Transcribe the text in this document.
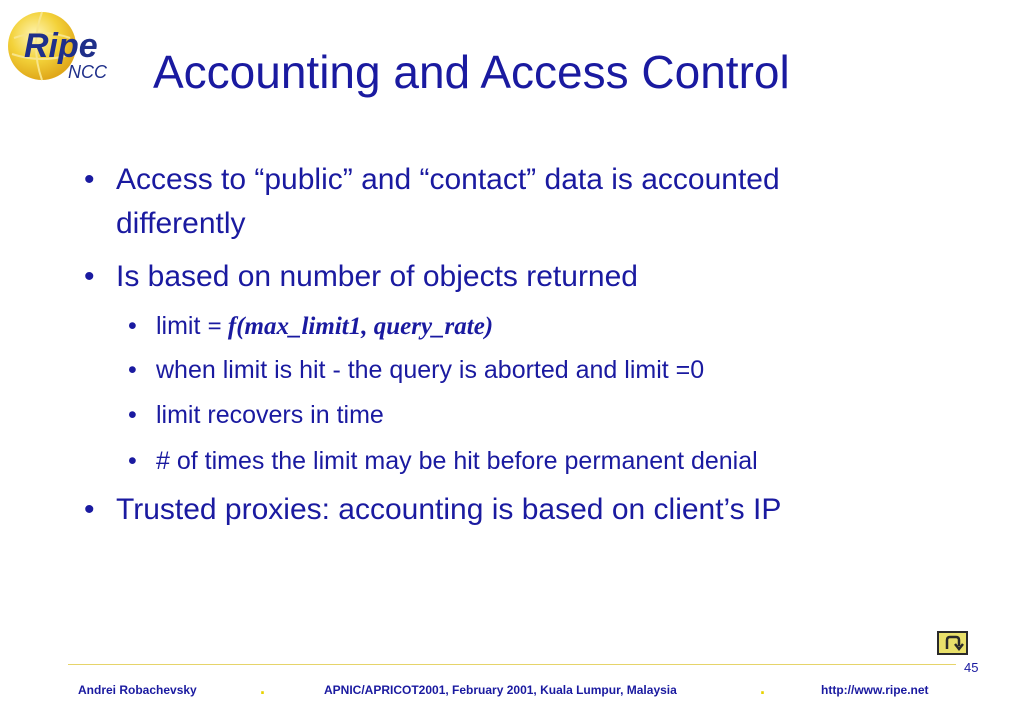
Ripe
NCC Accounting and Access Control
• Access to “public” and “contact” data is accounted
differently
• Is based on number of objects returned
• limit = f(max_limit1, query_rate)
• when limit is hit - the query is aborted and limit =0
• limit recovers in time
• # of times the limit may be hit before permanent denial
• Trusted proxies: accounting is based on client’s IP
45
Andrei Robachevsky	.	APNIC/APRICOT2001, February 2001, Kuala Lumpur, Malaysia	.	http://www.ripe.net
